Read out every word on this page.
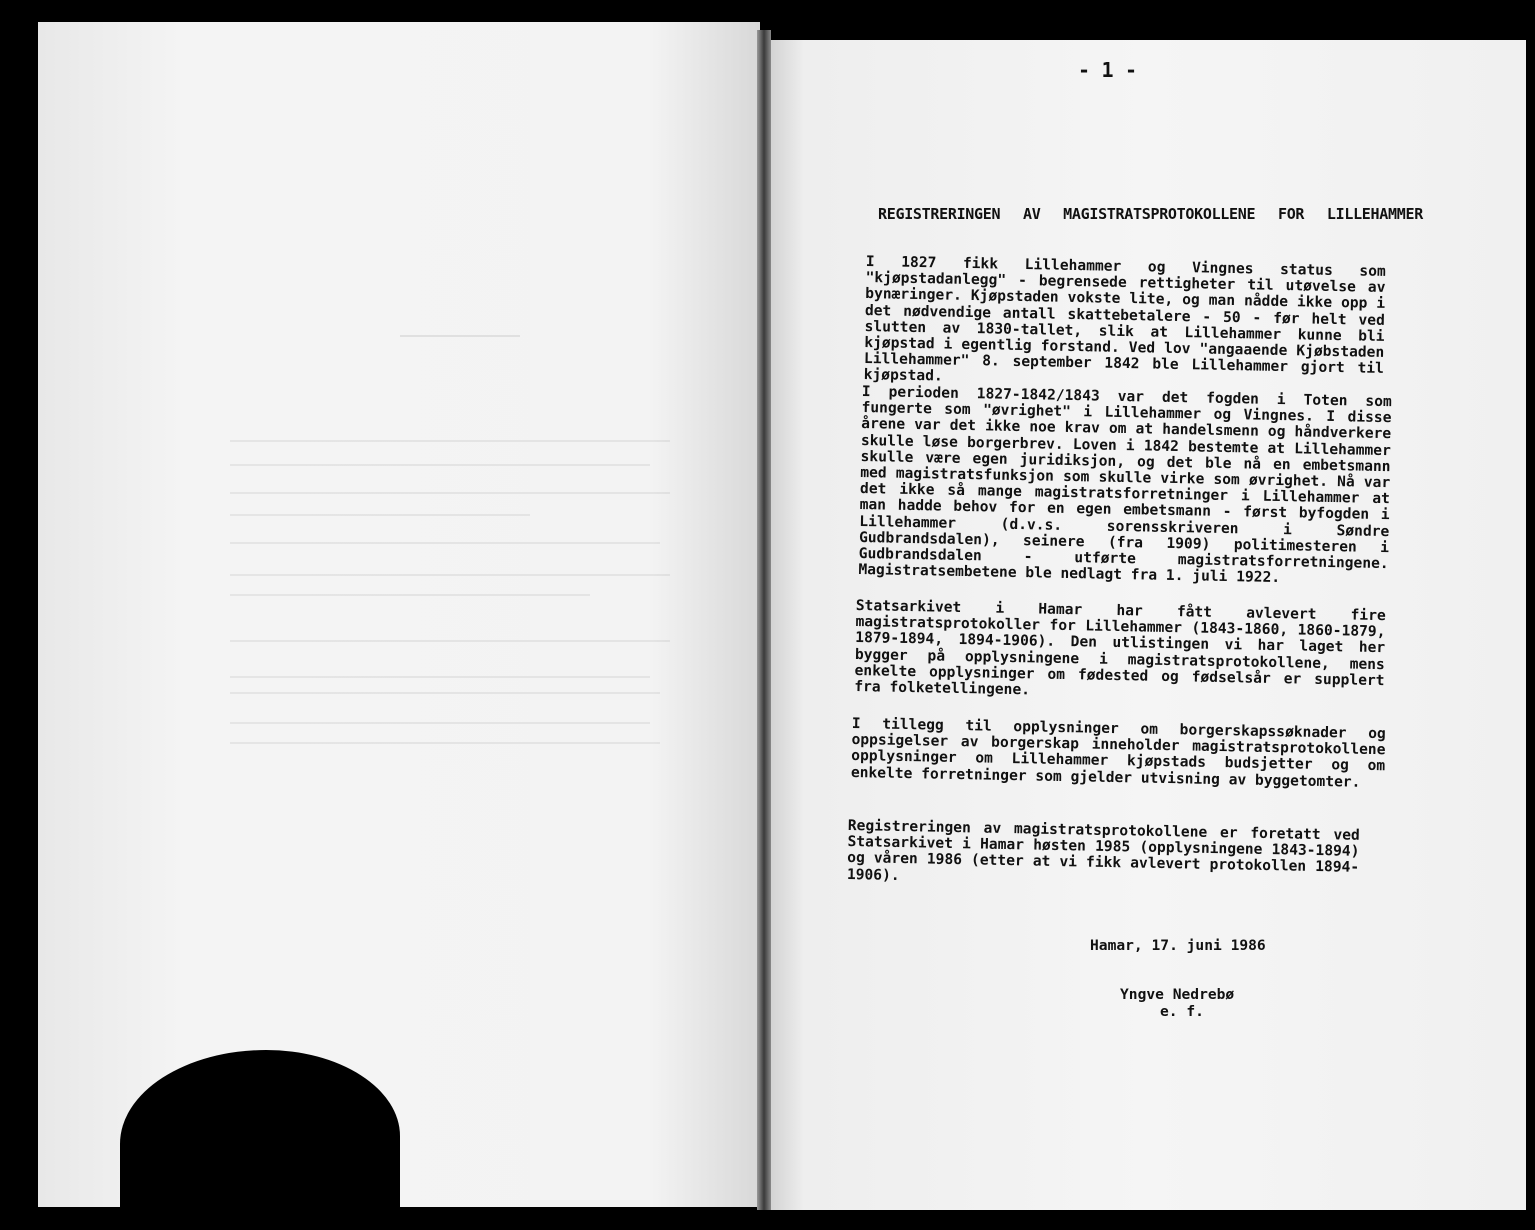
- 1 -
REGISTRERINGEN AV MAGISTRATSPROTOKOLLENE FOR LILLEHAMMER
I 1827 fikk Lillehammer og Vingnes status som "kjøpstadanlegg" - begrensede rettigheter til utøvelse av bynæringer. Kjøpstaden vokste lite, og man nådde ikke opp i det nødvendige antall skattebetalere - 50 - før helt ved slutten av 1830-tallet, slik at Lillehammer kunne bli kjøpstad i egentlig forstand. Ved lov "angaaende Kjøbstaden Lillehammer" 8. september 1842 ble Lillehammer gjort til kjøpstad.
I perioden 1827-1842/1843 var det fogden i Toten som fungerte som "øvrighet" i Lillehammer og Vingnes. I disse årene var det ikke noe krav om at handelsmenn og håndverkere skulle løse borgerbrev. Loven i 1842 bestemte at Lillehammer skulle være egen juridiksjon, og det ble nå en embetsmann med magistratsfunksjon som skulle virke som øvrighet. Nå var det ikke så mange magistratsforretninger i Lillehammer at man hadde behov for en egen embetsmann - først byfogden i Lillehammer (d.v.s. sorensskriveren i Søndre Gudbrandsdalen), seinere (fra 1909) politimesteren i Gudbrandsdalen - utførte magistratsforretningene. Magistratsembetene ble nedlagt fra 1. juli 1922.
Statsarkivet i Hamar har fått avlevert fire magistratsprotokoller for Lillehammer (1843-1860, 1860-1879, 1879-1894, 1894-1906). Den utlistingen vi har laget her bygger på opplysningene i magistratsprotokollene, mens enkelte opplysninger om fødested og fødselsår er supplert fra folketellingene.
I tillegg til opplysninger om borgerskapssøknader og oppsigelser av borgerskap inneholder magistratsprotokollene opplysninger om Lillehammer kjøpstads budsjetter og om enkelte forretninger som gjelder utvisning av byggetomter.
Registreringen av magistratsprotokollene er foretatt ved Statsarkivet i Hamar høsten 1985 (opplysningene 1843-1894) og våren 1986 (etter at vi fikk avlevert protokollen 1894-1906).
Hamar, 17. juni 1986
Yngve Nedrebø
e. f.
